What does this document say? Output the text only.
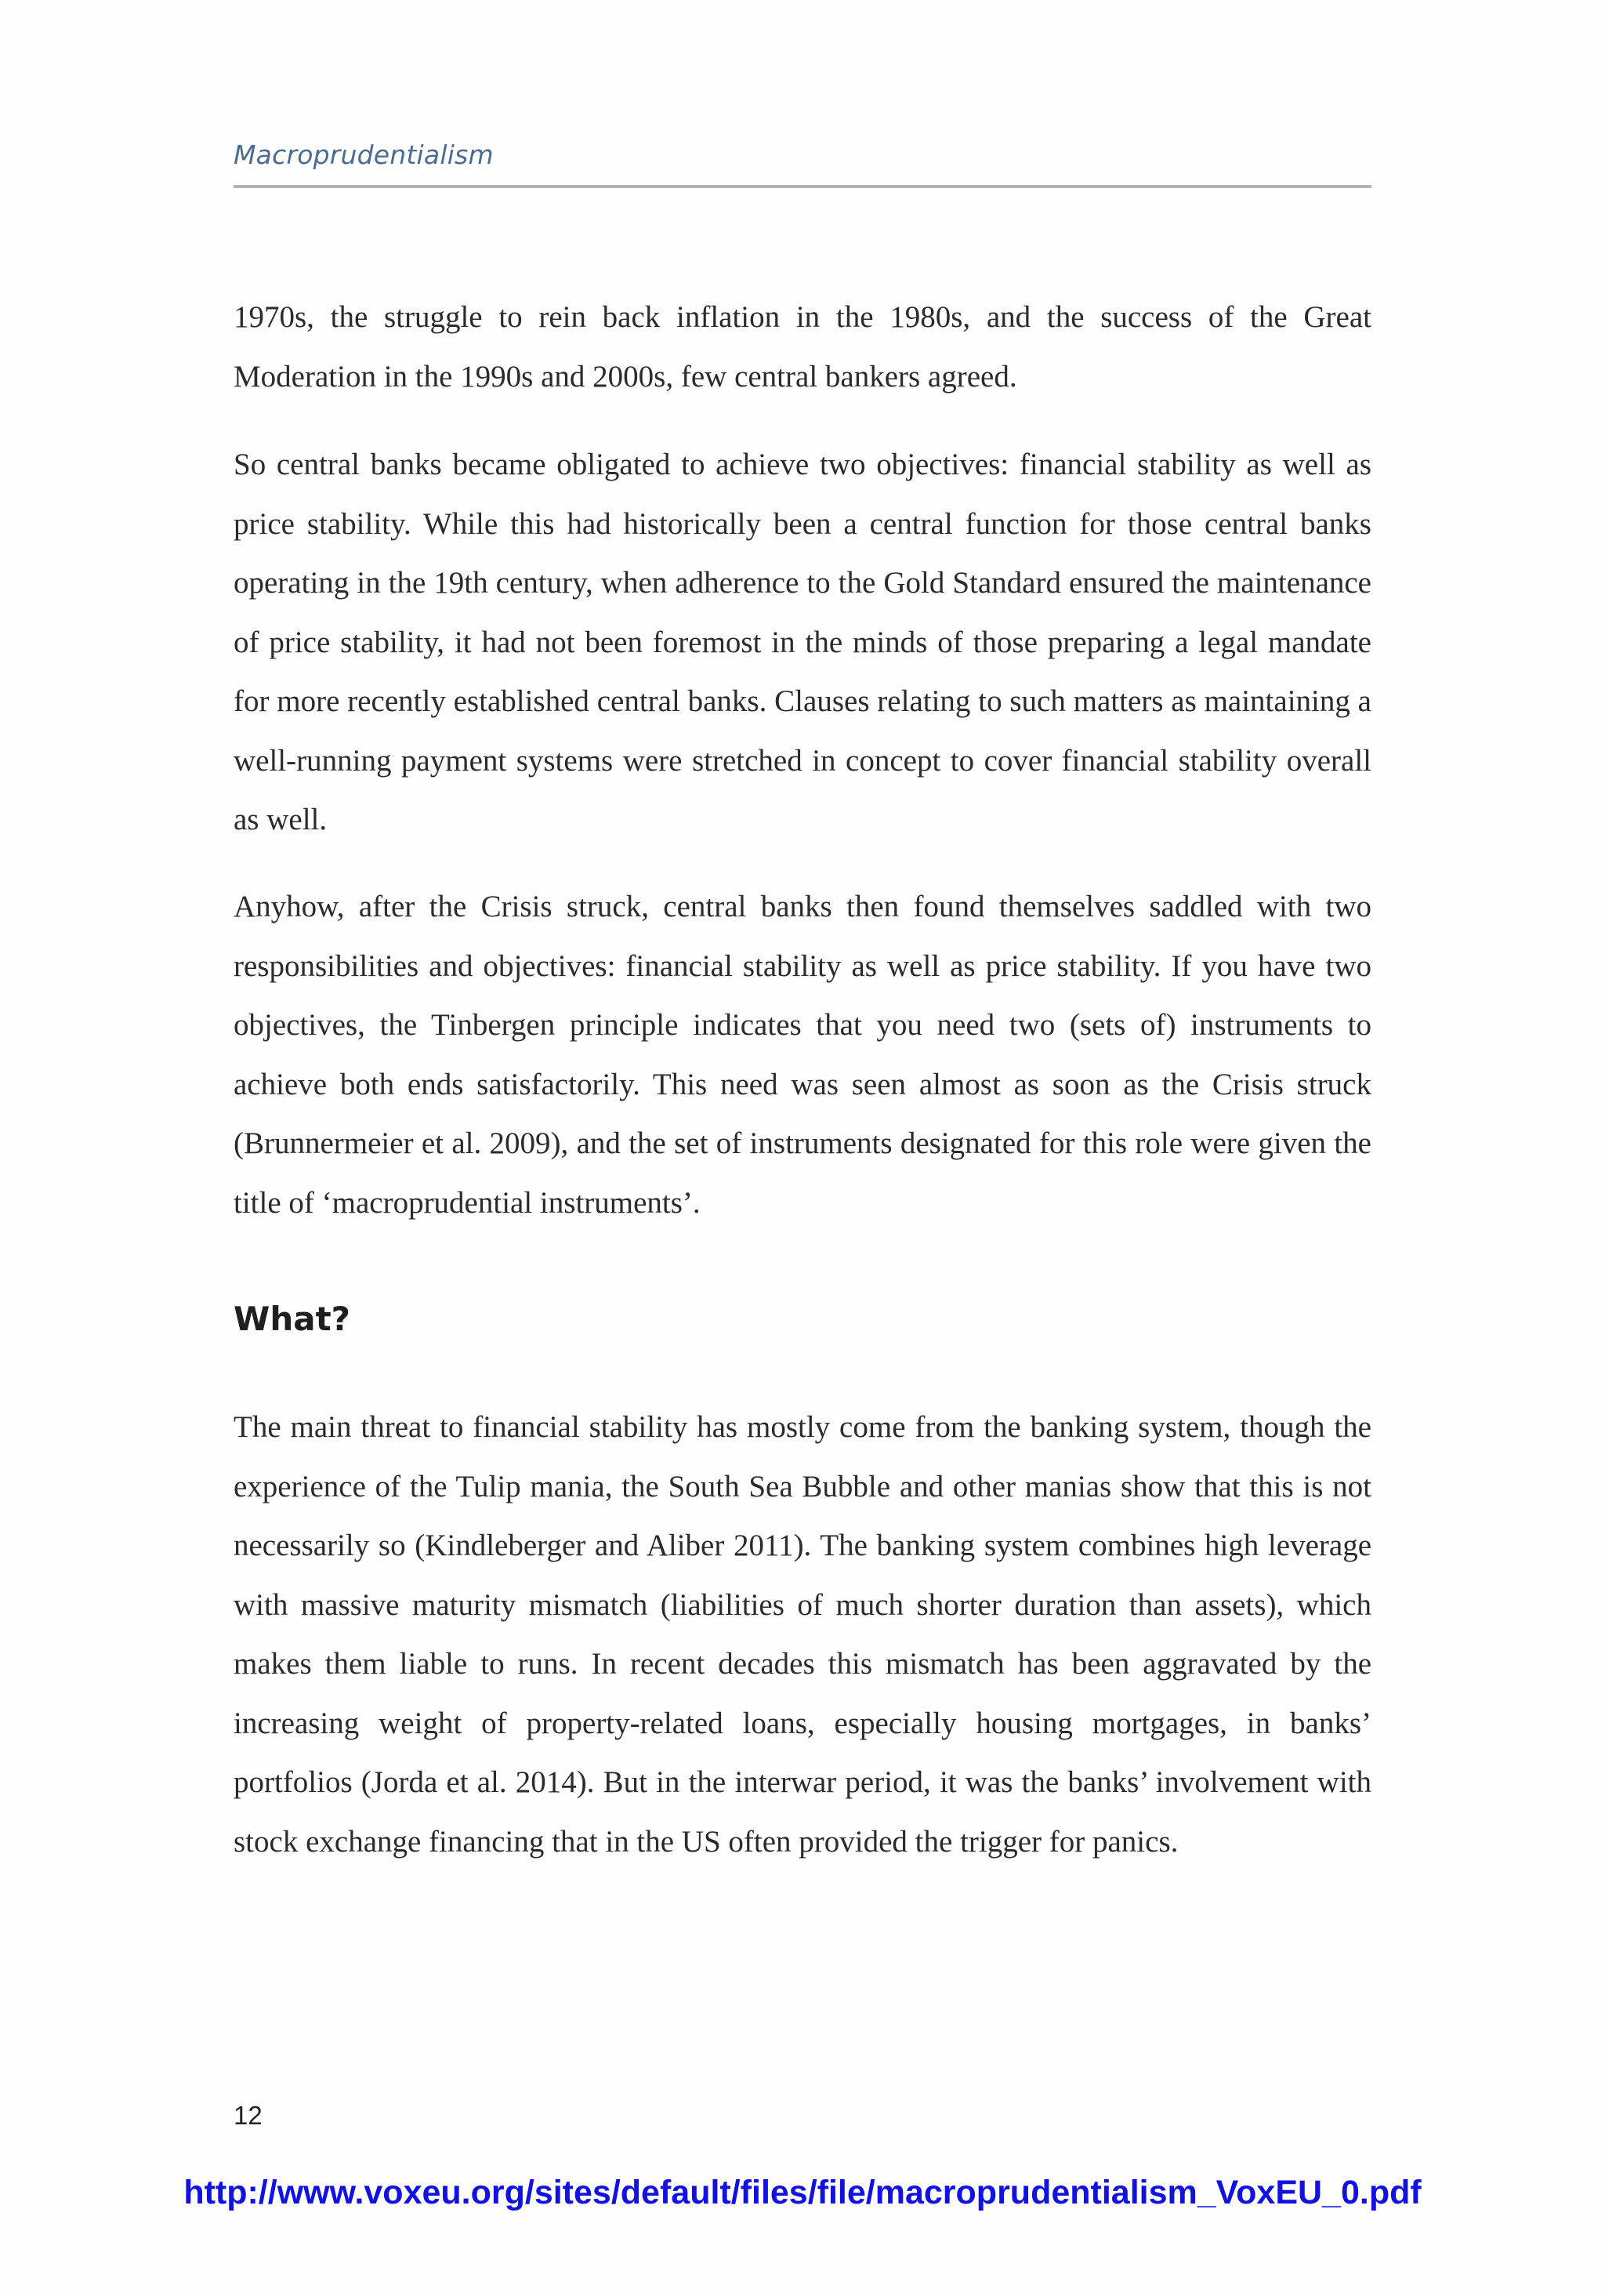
Macroprudentialism

1970s, the struggle to rein back inflation in the 1980s, and the success of the Great Moderation in the 1990s and 2000s, few central bankers agreed.

So central banks became obligated to achieve two objectives: financial stability as well as price stability. While this had historically been a central function for those central banks operating in the 19th century, when adherence to the Gold Standard ensured the maintenance of price stability, it had not been foremost in the minds of those preparing a legal mandate for more recently established central banks. Clauses relating to such matters as maintaining a well-running payment systems were stretched in concept to cover financial stability overall as well.

Anyhow, after the Crisis struck, central banks then found themselves saddled with two responsibilities and objectives: financial stability as well as price stability. If you have two objectives, the Tinbergen principle indicates that you need two (sets of) instruments to achieve both ends satisfactorily. This need was seen almost as soon as the Crisis struck (Brunnermeier et al. 2009), and the set of instruments designated for this role were given the title of ‘macroprudential instruments’.

What?

The main threat to financial stability has mostly come from the banking system, though the experience of the Tulip mania, the South Sea Bubble and other manias show that this is not necessarily so (Kindleberger and Aliber 2011). The banking system combines high leverage with massive maturity mismatch (liabilities of much shorter duration than assets), which makes them liable to runs. In recent decades this mismatch has been aggravated by the increasing weight of property-related loans, especially housing mortgages, in banks’ portfolios (Jorda et al. 2014). But in the interwar period, it was the banks’ involvement with stock exchange financing that in the US often provided the trigger for panics.

12
http://www.voxeu.org/sites/default/files/file/macroprudentialism_VoxEU_0.pdf
